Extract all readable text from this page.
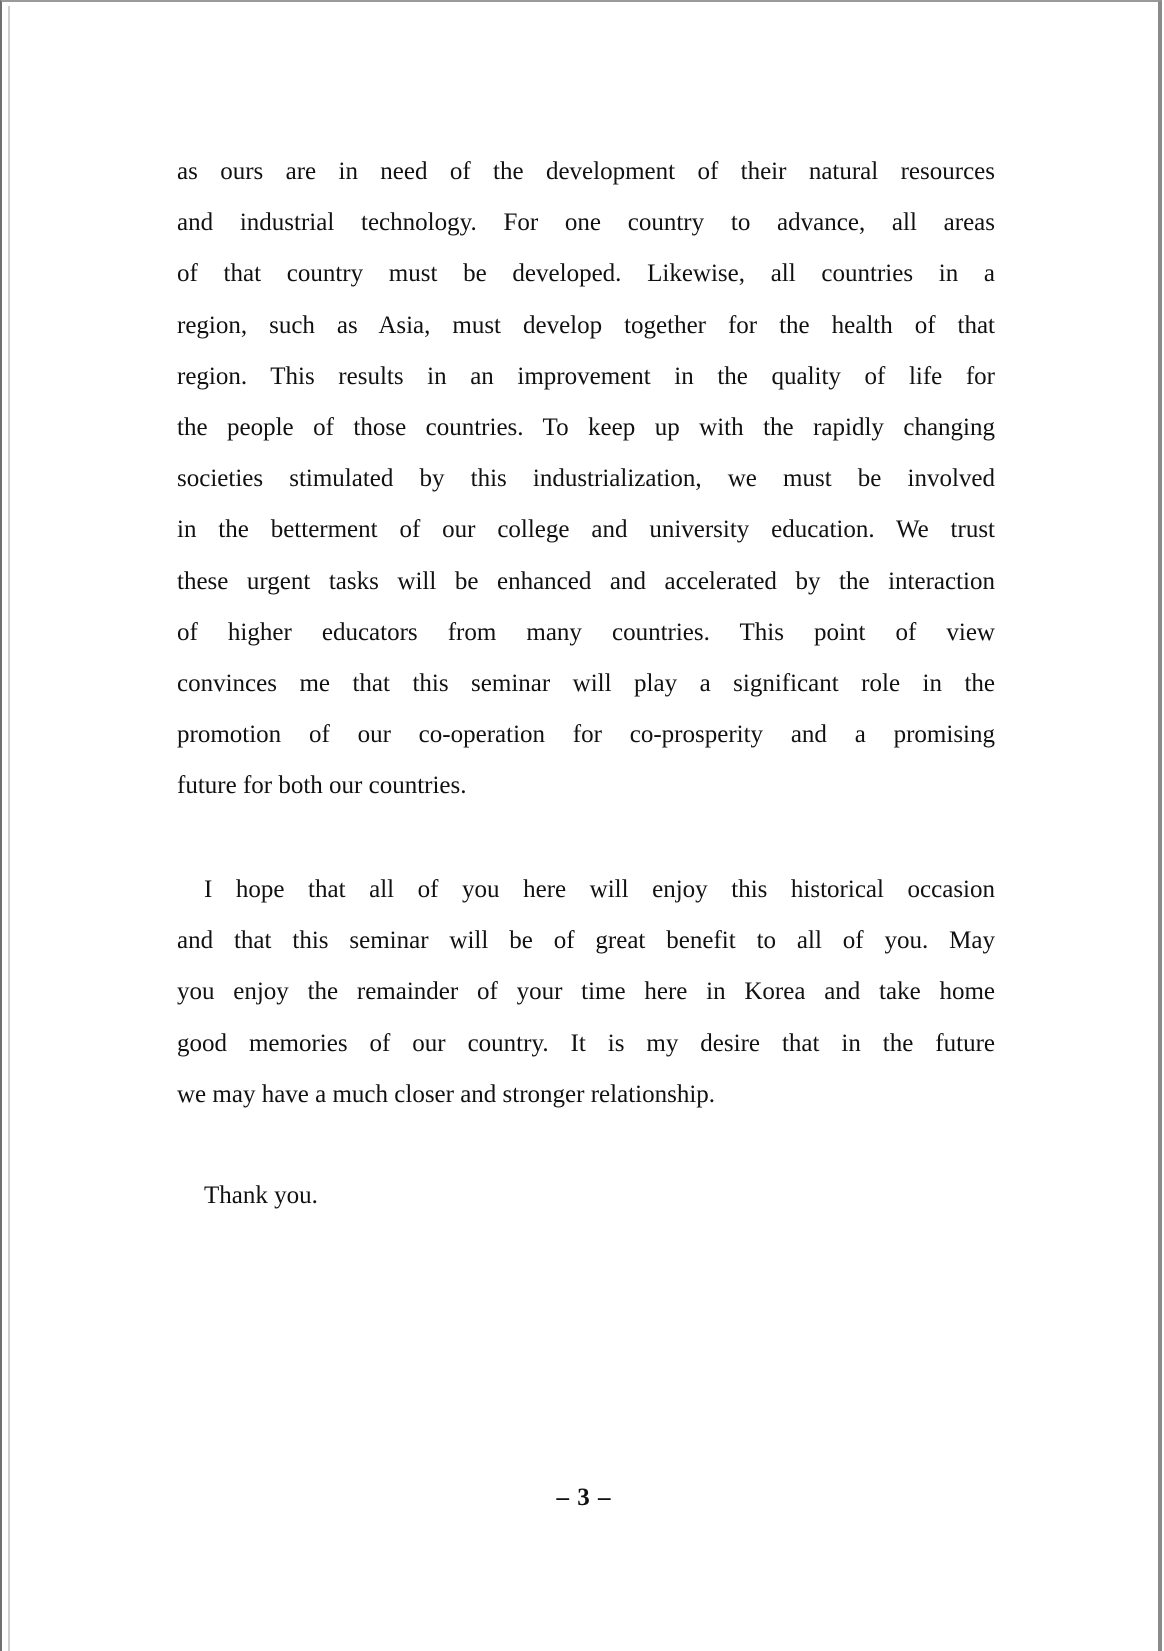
as ours are in need of the development of their natural resources
and industrial technology. For one country to advance, all areas
of that country must be developed. Likewise, all countries in a
region, such as Asia, must develop together for the health of that
region. This results in an improvement in the quality of life for
the people of those countries. To keep up with the rapidly changing
societies stimulated by this industrialization, we must be involved
in the betterment of our college and university education. We trust
these urgent tasks will be enhanced and accelerated by the interaction
of higher educators from many countries. This point of view
convinces me that this seminar will play a significant role in the
promotion of our co-operation for co-prosperity and a promising
future for both our countries.
I hope that all of you here will enjoy this historical occasion
and that this seminar will be of great benefit to all of you. May
you enjoy the remainder of your time here in Korea and take home
good memories of our country. It is my desire that in the future
we may have a much closer and stronger relationship.
Thank you.
– 3 –
